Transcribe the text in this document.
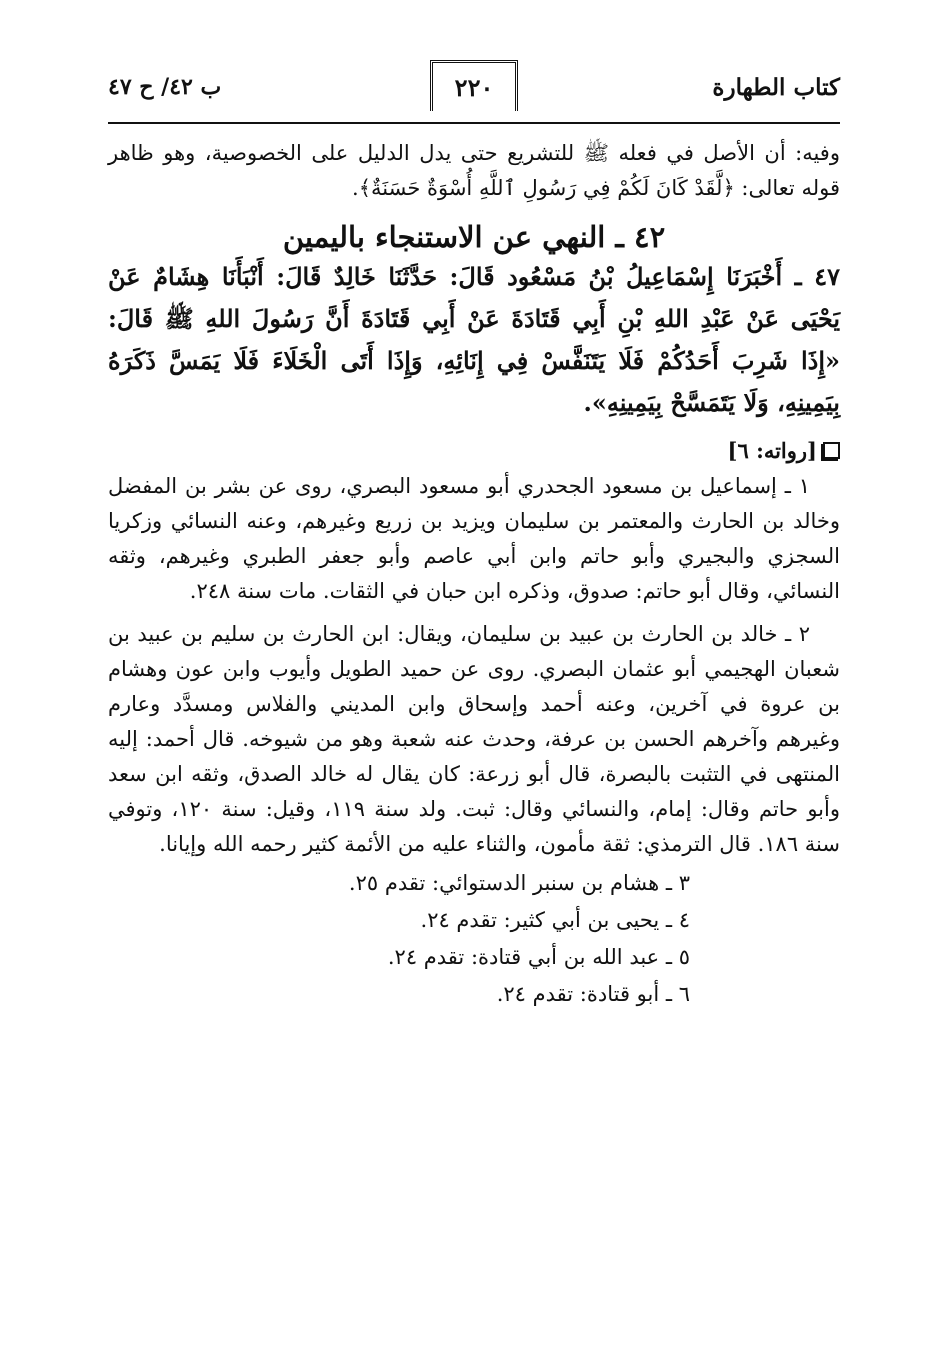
كتاب الطهارة
٢٢٠
ب ٤٢/ ح ٤٧

وفيه: أن الأصل في فعله ﷺ للتشريع حتى يدل الدليل على الخصوصية، وهو ظاهر قوله تعالى: ﴿لَّقَدْ كَانَ لَكُمْ فِي رَسُولِ ٱللَّهِ أُسْوَةٌ حَسَنَةٌ﴾.

٤٢ ـ النهي عن الاستنجاء باليمين

٤٧ ـ أَخْبَرَنَا إِسْمَاعِيلُ بْنُ مَسْعُود قَالَ: حَدَّثَنَا خَالِدٌ قَالَ: أَنْبَأَنَا هِشَامٌ عَنْ يَحْيَى عَنْ عَبْدِ اللهِ بْنِ أَبِي قَتَادَةَ عَنْ أَبِي قَتَادَةَ أَنَّ رَسُولَ اللهِ ﷺ قَالَ: «إِذَا شَرِبَ أَحَدُكُمْ فَلَا يَتَنَفَّسْ فِي إِنَائِهِ، وَإِذَا أَتَى الْخَلَاءَ فَلَا يَمَسَّ ذَكَرَهُ بِيَمِينِهِ، وَلَا يَتَمَسَّحْ بِيَمِينِهِ».

[رواته: ٦]

١ ـ إسماعيل بن مسعود الجحدري أبو مسعود البصري، روى عن بشر بن المفضل وخالد بن الحارث والمعتمر بن سليمان ويزيد بن زريع وغيرهم، وعنه النسائي وزكريا السجزي والبجيري وأبو حاتم وابن أبي عاصم وأبو جعفر الطبري وغيرهم، وثقه النسائي، وقال أبو حاتم: صدوق، وذكره ابن حبان في الثقات. مات سنة ٢٤٨.

٢ ـ خالد بن الحارث بن عبيد بن سليمان، ويقال: ابن الحارث بن سليم بن عبيد بن شعبان الهجيمي أبو عثمان البصري. روى عن حميد الطويل وأيوب وابن عون وهشام بن عروة في آخرين، وعنه أحمد وإسحاق وابن المديني والفلاس ومسدَّد وعارم وغيرهم وآخرهم الحسن بن عرفة، وحدث عنه شعبة وهو من شيوخه. قال أحمد: إليه المنتهى في التثبت بالبصرة، قال أبو زرعة: كان يقال له خالد الصدق، وثقه ابن سعد وأبو حاتم وقال: إمام، والنسائي وقال: ثبت. ولد سنة ١١٩، وقيل: سنة ١٢٠، وتوفي سنة ١٨٦. قال الترمذي: ثقة مأمون، والثناء عليه من الأئمة كثير رحمه الله وإيانا.

٣ ـ هشام بن سنبر الدستوائي: تقدم ٢٥.

٤ ـ يحيى بن أبي كثير: تقدم ٢٤.

٥ ـ عبد الله بن أبي قتادة: تقدم ٢٤.

٦ ـ أبو قتادة: تقدم ٢٤.
